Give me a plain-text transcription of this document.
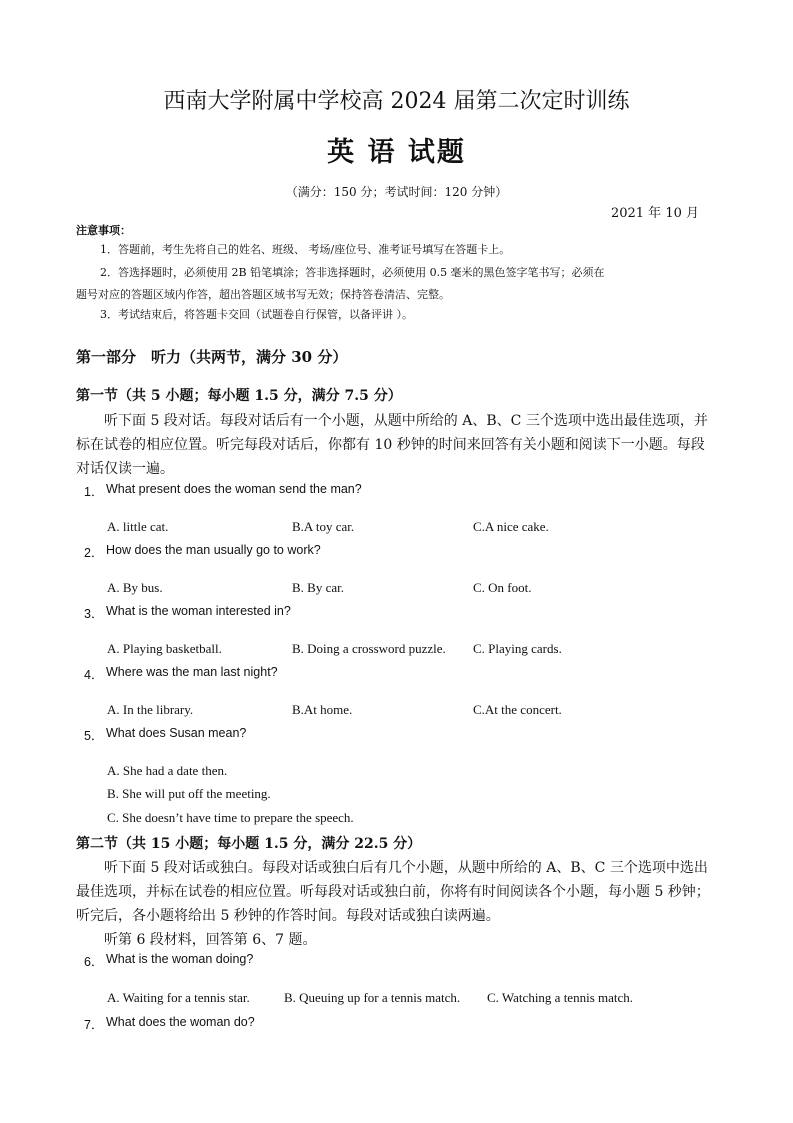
西南大学附属中学校高 2024 届第二次定时训练
英 语 试题
（满分：150 分；考试时间：120 分钟）
2021 年 10 月
注意事项：
1．答题前，考生先将自己的姓名、班级、 考场/座位号、准考证号填写在答题卡上。
2．答选择题时，必须使用 2B 铅笔填涂；答非选择题时，必须使用 0.5 毫米的黑色签字笔书写；必须在
题号对应的答题区域内作答，超出答题区域书写无效；保持答卷清洁、完整。
3．考试结束后，将答题卡交回（试题卷自行保管，以备评讲 ）。
第一部分　听力（共两节，满分 30 分）
第一节（共 5 小题；每小题 1.5 分，满分 7.5 分）
听下面 5 段对话。每段对话后有一个小题，从题中所给的 A、B、C 三个选项中选出最佳选项，并
标在试卷的相应位置。听完每段对话后，你都有 10 秒钟的时间来回答有关小题和阅读下一小题。每段
对话仅读一遍。
1． What present does the woman send the man?
A. little cat.	B.A toy car.	C.A nice cake.
2． How does the man usually go to work?
A. By bus.	B. By car.	C. On foot.
3． What is the woman interested in?
A. Playing basketball.	B. Doing a crossword puzzle. C. Playing cards.
4． Where was the man last night?
A. In the library.	B.At home.	C.At the concert.
5． What does Susan mean?
A. She had a date then.
B. She will put off the meeting.
C. She doesn’t have time to prepare the speech.
第二节（共 15 小题；每小题 1.5 分，满分 22.5 分）
听下面 5 段对话或独白。每段对话或独白后有几个小题，从题中所给的 A、B、C 三个选项中选出
最佳选项，并标在试卷的相应位置。听每段对话或独白前，你将有时间阅读各个小题，每小题 5 秒钟；
听完后，各小题将给出 5 秒钟的作答时间。每段对话或独白读两遍。
听第 6 段材料，回答第 6、7 题。
6． What is the woman doing?
A. Waiting for a tennis star.	B. Queuing up for a tennis match. C. Watching a tennis match.
7． What does the woman do?
